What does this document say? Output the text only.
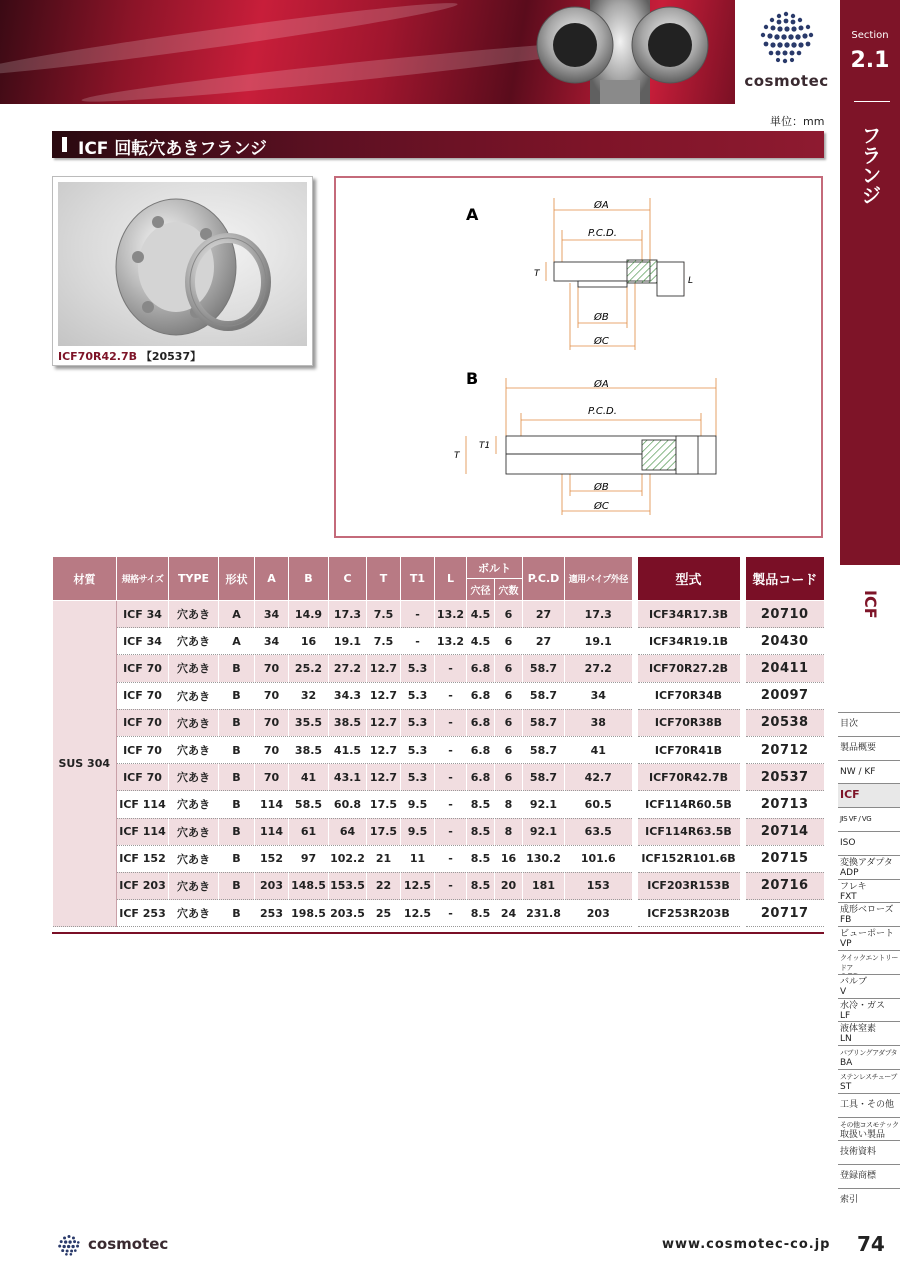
cosmotec
Section
2.1
フランジ
ICF
目次
製品概要
NW / KF
ICF
JIS VF / VG
ISO
変換アダプタ
ADP
フレキ
FXT
成形ベローズ
FB
ビューポート
VP
クイックエントリードア
バルブ
V
水冷・ガス
LF
液体窒素
LN
バブリングアダプタ
BA
ステンレスチューブ
ST
工具・その他
その他コスモテック
取扱い製品
技術資料
登録商標
索引
単位：mm
ICF 回転穴あきフランジ
ICF70R42.7B 【20537】
A	ØA
P.C.D.
ØB
ØC
T
L
B	ØA
P.C.D.
ØB
ØC
T
T1
材質	規格サイズ	TYPE	形状	A	B	C	T	T1	L	ボルト		P.C.D	適用パイプ外径	型式	製品コード
										穴径	穴数				
SUS 304	ICF 34	穴あき	A	34	14.9	17.3	7.5	-	13.2	4.5	6	27	17.3	ICF34R17.3B	20710
	ICF 34	穴あき	A	34	16	19.1	7.5	-	13.2	4.5	6	27	19.1	ICF34R19.1B	20430
	ICF 70	穴あき	B	70	25.2	27.2	12.7	5.3	-	6.8	6	58.7	27.2	ICF70R27.2B	20411
	ICF 70	穴あき	B	70	32	34.3	12.7	5.3	-	6.8	6	58.7	34	ICF70R34B	20097
	ICF 70	穴あき	B	70	35.5	38.5	12.7	5.3	-	6.8	6	58.7	38	ICF70R38B	20538
	ICF 70	穴あき	B	70	38.5	41.5	12.7	5.3	-	6.8	6	58.7	41	ICF70R41B	20712
	ICF 70	穴あき	B	70	41	43.1	12.7	5.3	-	6.8	6	58.7	42.7	ICF70R42.7B	20537
	ICF 114	穴あき	B	114	58.5	60.8	17.5	9.5	-	8.5	8	92.1	60.5	ICF114R60.5B	20713
	ICF 114	穴あき	B	114	61	64	17.5	9.5	-	8.5	8	92.1	63.5	ICF114R63.5B	20714
	ICF 152	穴あき	B	152	97	102.2	21	11	-	8.5	16	130.2	101.6	ICF152R101.6B	20715
	ICF 203	穴あき	B	203	148.5	153.5	22	12.5	-	8.5	20	181	153	ICF203R153B	20716
	ICF 253	穴あき	B	253	198.5	203.5	25	12.5	-	8.5	24	231.8	203	ICF253R203B	20717
cosmotec	www.cosmotec-co.jp 74
